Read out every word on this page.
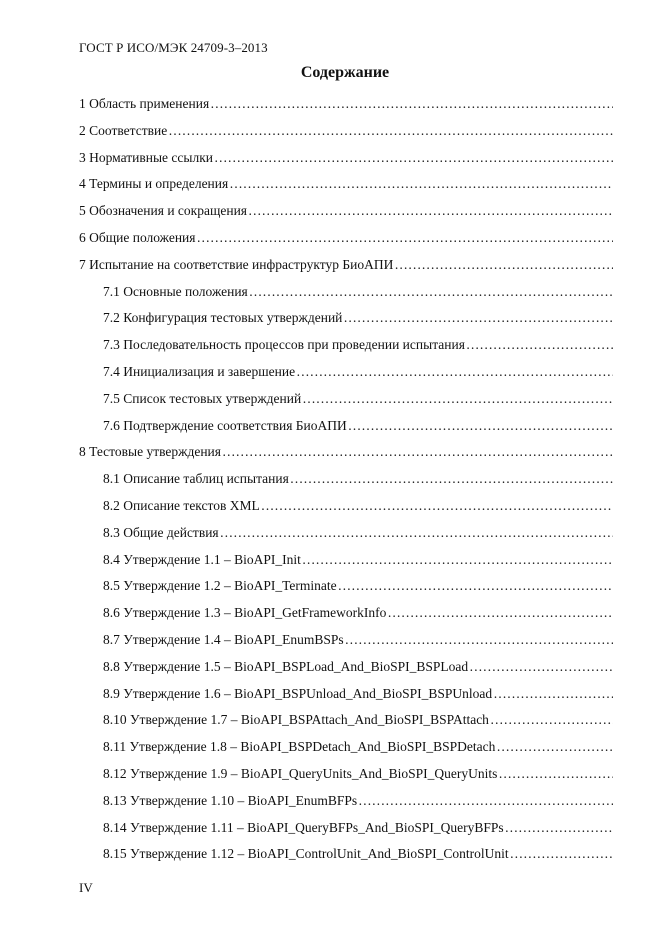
ГОСТ Р ИСО/МЭК 24709-3–2013
Содержание
1 Область применения
……………………………………………………………………………………………………………………………………
2 Соответствие
……………………………………………………………………………………………………………………………………
3 Нормативные ссылки
……………………………………………………………………………………………………………………………………
4 Термины и определения
……………………………………………………………………………………………………………………………………
5 Обозначения и сокращения
……………………………………………………………………………………………………………………………………
6 Общие положения
……………………………………………………………………………………………………………………………………
7 Испытание на соответствие инфраструктур БиоАПИ
……………………………………………………………………………………………………………………………………
7.1 Основные положения
……………………………………………………………………………………………………………………………………
7.2 Конфигурация тестовых утверждений
……………………………………………………………………………………………………………………………………
7.3 Последовательность процессов при проведении испытания
……………………………………………………………………………………………………………………………………
7.4 Инициализация и завершение
……………………………………………………………………………………………………………………………………
7.5 Список тестовых утверждений
……………………………………………………………………………………………………………………………………
7.6 Подтверждение соответствия БиоАПИ
……………………………………………………………………………………………………………………………………
8 Тестовые утверждения
……………………………………………………………………………………………………………………………………
8.1 Описание таблиц испытания
……………………………………………………………………………………………………………………………………
8.2 Описание текстов XML
……………………………………………………………………………………………………………………………………
8.3 Общие действия
……………………………………………………………………………………………………………………………………
8.4 Утверждение 1.1 – BioAPI_Init
……………………………………………………………………………………………………………………………………
8.5 Утверждение 1.2 – BioAPI_Terminate
……………………………………………………………………………………………………………………………………
8.6 Утверждение 1.3 – BioAPI_GetFrameworkInfo
……………………………………………………………………………………………………………………………………
8.7 Утверждение 1.4 – BioAPI_EnumBSPs
……………………………………………………………………………………………………………………………………
8.8 Утверждение 1.5 – BioAPI_BSPLoad_And_BioSPI_BSPLoad
……………………………………………………………………………………………………………………………………
8.9 Утверждение 1.6 – BioAPI_BSPUnload_And_BioSPI_BSPUnload
……………………………………………………………………………………………………………………………………
8.10 Утверждение 1.7 – BioAPI_BSPAttach_And_BioSPI_BSPAttach
……………………………………………………………………………………………………………………………………
8.11 Утверждение 1.8 – BioAPI_BSPDetach_And_BioSPI_BSPDetach
……………………………………………………………………………………………………………………………………
8.12 Утверждение 1.9 – BioAPI_QueryUnits_And_BioSPI_QueryUnits
……………………………………………………………………………………………………………………………………
8.13 Утверждение 1.10 – BioAPI_EnumBFPs
……………………………………………………………………………………………………………………………………
8.14 Утверждение 1.11 – BioAPI_QueryBFPs_And_BioSPI_QueryBFPs
……………………………………………………………………………………………………………………………………
8.15 Утверждение 1.12 – BioAPI_ControlUnit_And_BioSPI_ControlUnit
……………………………………………………………………………………………………………………………………
IV
